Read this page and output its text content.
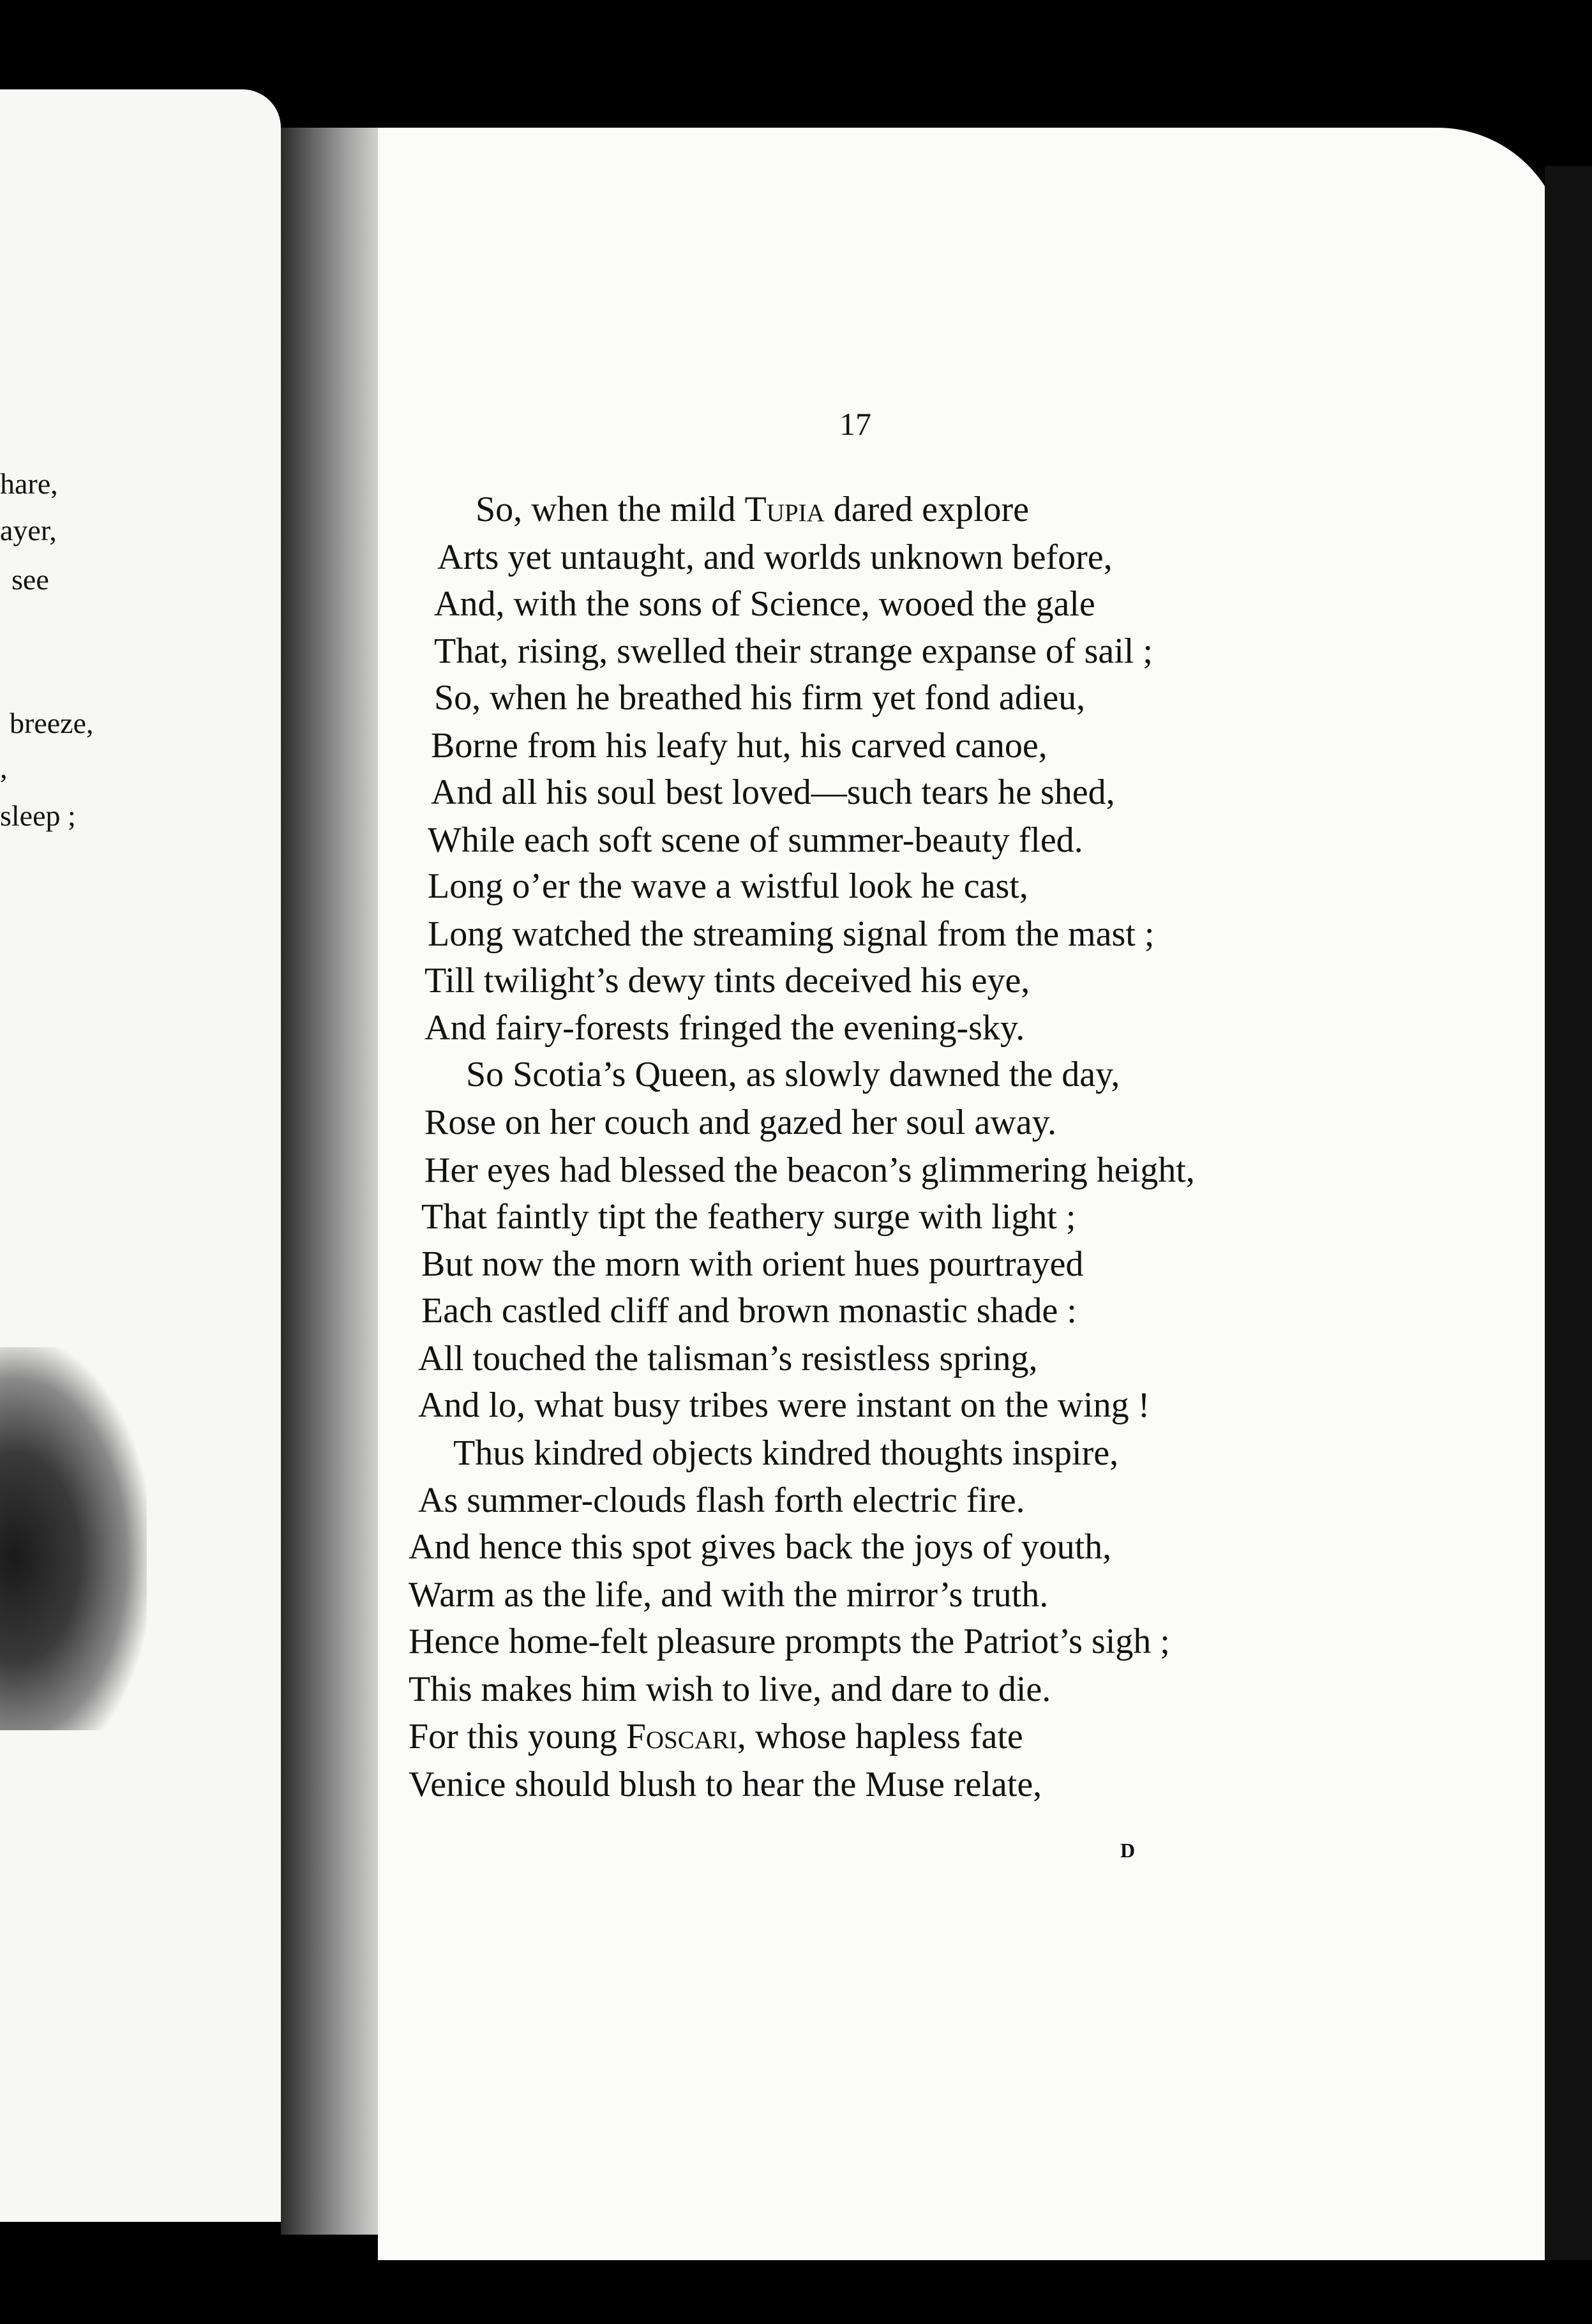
hare,
ayer,
see
breeze,
,
sleep ;
17
So, when the mild Tupia dared explore
Arts yet untaught, and worlds unknown before,
And, with the sons of Science, wooed the gale
That, rising, swelled their strange expanse of sail ;
So, when he breathed his firm yet fond adieu,
Borne from his leafy hut, his carved canoe,
And all his soul best loved—such tears he shed,
While each soft scene of summer-beauty fled.
Long o’er the wave a wistful look he cast,
Long watched the streaming signal from the mast ;
Till twilight’s dewy tints deceived his eye,
And fairy-forests fringed the evening-sky.
So Scotia’s Queen, as slowly dawned the day,
Rose on her couch and gazed her soul away.
Her eyes had blessed the beacon’s glimmering height,
That faintly tipt the feathery surge with light ;
But now the morn with orient hues pourtrayed
Each castled cliff and brown monastic shade :
All touched the talisman’s resistless spring,
And lo, what busy tribes were instant on the wing !
Thus kindred objects kindred thoughts inspire,
As summer-clouds flash forth electric fire.
And hence this spot gives back the joys of youth,
Warm as the life, and with the mirror’s truth.
Hence home-felt pleasure prompts the Patriot’s sigh ;
This makes him wish to live, and dare to die.
For this young Foscari, whose hapless fate
Venice should blush to hear the Muse relate,
D
